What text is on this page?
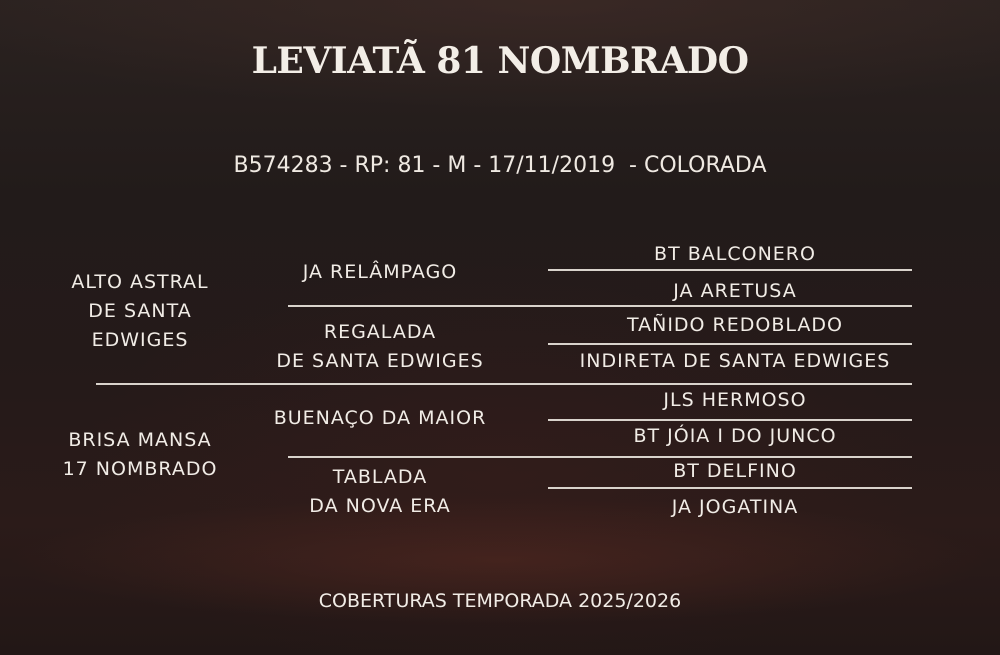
LEVIATÃ 81 NOMBRADO
B574283 - RP: 81 - M - 17/11/2019  - COLORADA
ALTO ASTRAL
DE SANTA
EDWIGES
BRISA MANSA
17 NOMBRADO
JA RELÂMPAGO
REGALADA
DE SANTA EDWIGES
BUENAÇO DA MAIOR
TABLADA
DA NOVA ERA
BT BALCONERO
JA ARETUSA
TAÑIDO REDOBLADO
INDIRETA DE SANTA EDWIGES
JLS HERMOSO
BT JÓIA I DO JUNCO
BT DELFINO
JA JOGATINA
COBERTURAS TEMPORADA 2025/2026
